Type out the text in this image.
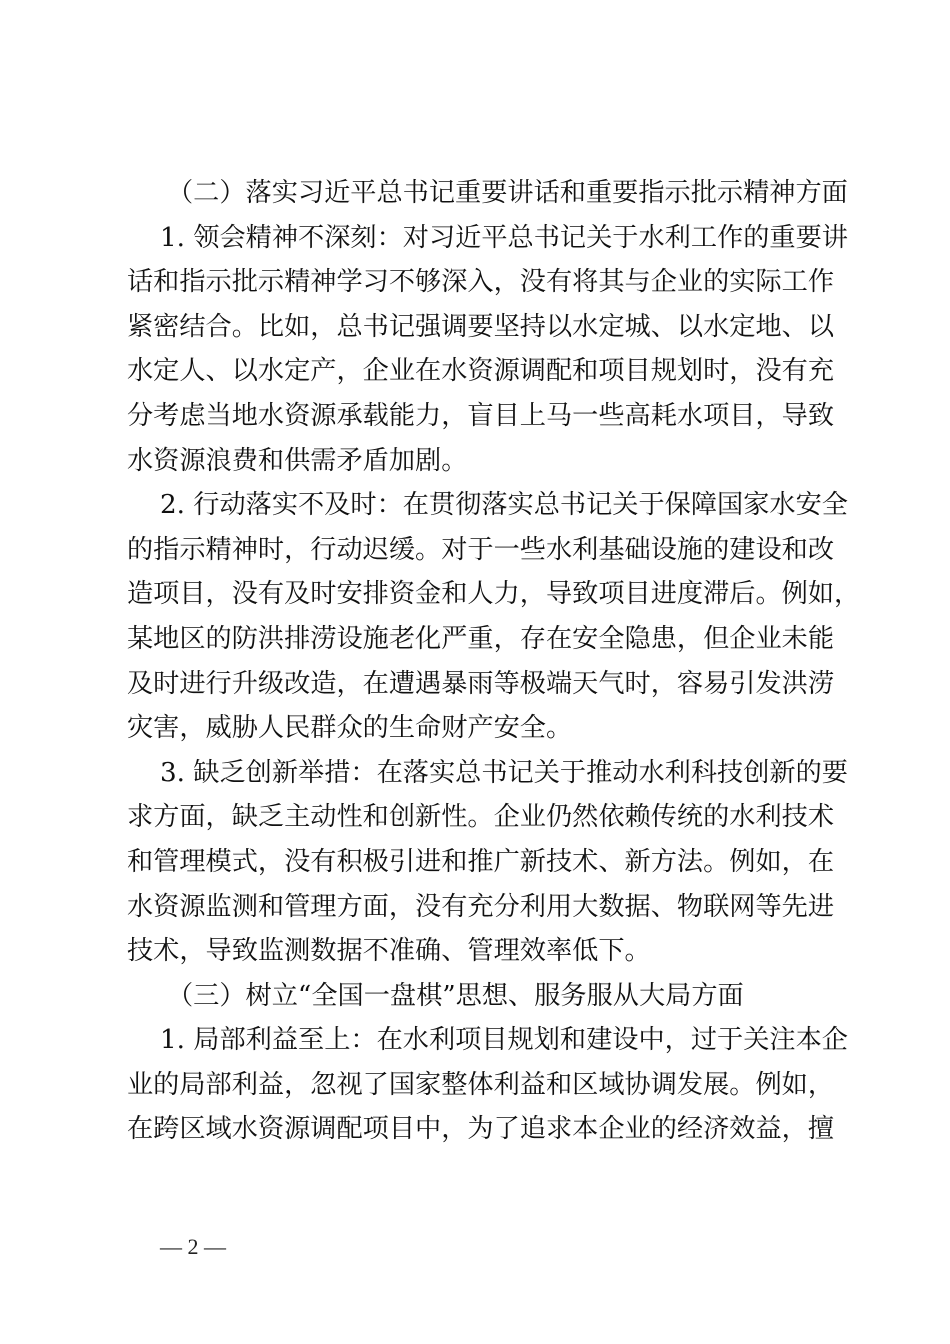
（二）落实习近平总书记重要讲话和重要指示批示精神方面
1. 领会精神不深刻：对习近平总书记关于水利工作的重要讲
话和指示批示精神学习不够深入，没有将其与企业的实际工作
紧密结合。比如，总书记强调要坚持以水定城、以水定地、以
水定人、以水定产，企业在水资源调配和项目规划时，没有充
分考虑当地水资源承载能力，盲目上马一些高耗水项目，导致
水资源浪费和供需矛盾加剧。
2. 行动落实不及时：在贯彻落实总书记关于保障国家水安全
的指示精神时，行动迟缓。对于一些水利基础设施的建设和改
造项目，没有及时安排资金和人力，导致项目进度滞后。例如，
某地区的防洪排涝设施老化严重，存在安全隐患，但企业未能
及时进行升级改造，在遭遇暴雨等极端天气时，容易引发洪涝
灾害，威胁人民群众的生命财产安全。
3. 缺乏创新举措：在落实总书记关于推动水利科技创新的要
求方面，缺乏主动性和创新性。企业仍然依赖传统的水利技术
和管理模式，没有积极引进和推广新技术、新方法。例如，在
水资源监测和管理方面，没有充分利用大数据、物联网等先进
技术，导致监测数据不准确、管理效率低下。
（三）树立“全国一盘棋”思想、服务服从大局方面
1. 局部利益至上：在水利项目规划和建设中，过于关注本企
业的局部利益，忽视了国家整体利益和区域协调发展。例如，
在跨区域水资源调配项目中，为了追求本企业的经济效益，擅
— 2 —
